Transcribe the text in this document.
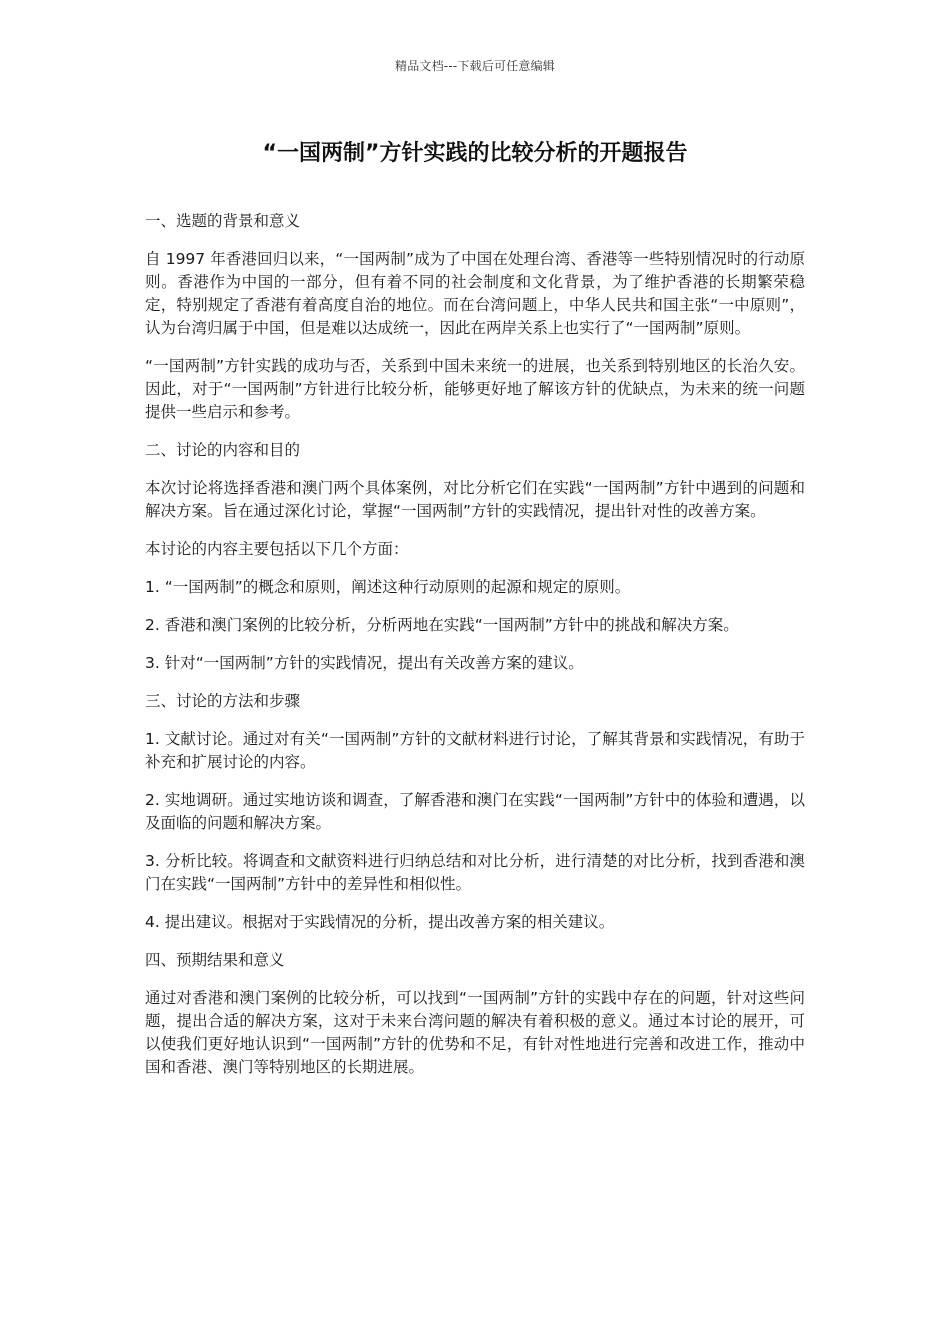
精品文档---下载后可任意编辑
“一国两制”方针实践的比较分析的开题报告

一、选题的背景和意义

自 1997 年香港回归以来，“一国两制”成为了中国在处理台湾、香港等一些特别情况时的行动原则。香港作为中国的一部分，但有着不同的社会制度和文化背景，为了维护香港的长期繁荣稳定，特别规定了香港有着高度自治的地位。而在台湾问题上，中华人民共和国主张“一中原则”，认为台湾归属于中国，但是难以达成统一，因此在两岸关系上也实行了“一国两制”原则。

“一国两制”方针实践的成功与否，关系到中国未来统一的进展，也关系到特别地区的长治久安。因此，对于“一国两制”方针进行比较分析，能够更好地了解该方针的优缺点，为未来的统一问题提供一些启示和参考。

二、讨论的内容和目的

本次讨论将选择香港和澳门两个具体案例，对比分析它们在实践“一国两制”方针中遇到的问题和解决方案。旨在通过深化讨论，掌握“一国两制”方针的实践情况，提出针对性的改善方案。

本讨论的内容主要包括以下几个方面：

1. “一国两制”的概念和原则，阐述这种行动原则的起源和规定的原则。

2. 香港和澳门案例的比较分析，分析两地在实践“一国两制”方针中的挑战和解决方案。

3. 针对“一国两制”方针的实践情况，提出有关改善方案的建议。

三、讨论的方法和步骤

1. 文献讨论。通过对有关“一国两制”方针的文献材料进行讨论，了解其背景和实践情况，有助于补充和扩展讨论的内容。

2. 实地调研。通过实地访谈和调查，了解香港和澳门在实践“一国两制”方针中的体验和遭遇，以及面临的问题和解决方案。

3. 分析比较。将调查和文献资料进行归纳总结和对比分析，进行清楚的对比分析，找到香港和澳门在实践“一国两制”方针中的差异性和相似性。

4. 提出建议。根据对于实践情况的分析，提出改善方案的相关建议。

四、预期结果和意义

通过对香港和澳门案例的比较分析，可以找到“一国两制”方针的实践中存在的问题，针对这些问题，提出合适的解决方案，这对于未来台湾问题的解决有着积极的意义。通过本讨论的展开，可以使我们更好地认识到“一国两制”方针的优势和不足，有针对性地进行完善和改进工作，推动中国和香港、澳门等特别地区的长期进展。
